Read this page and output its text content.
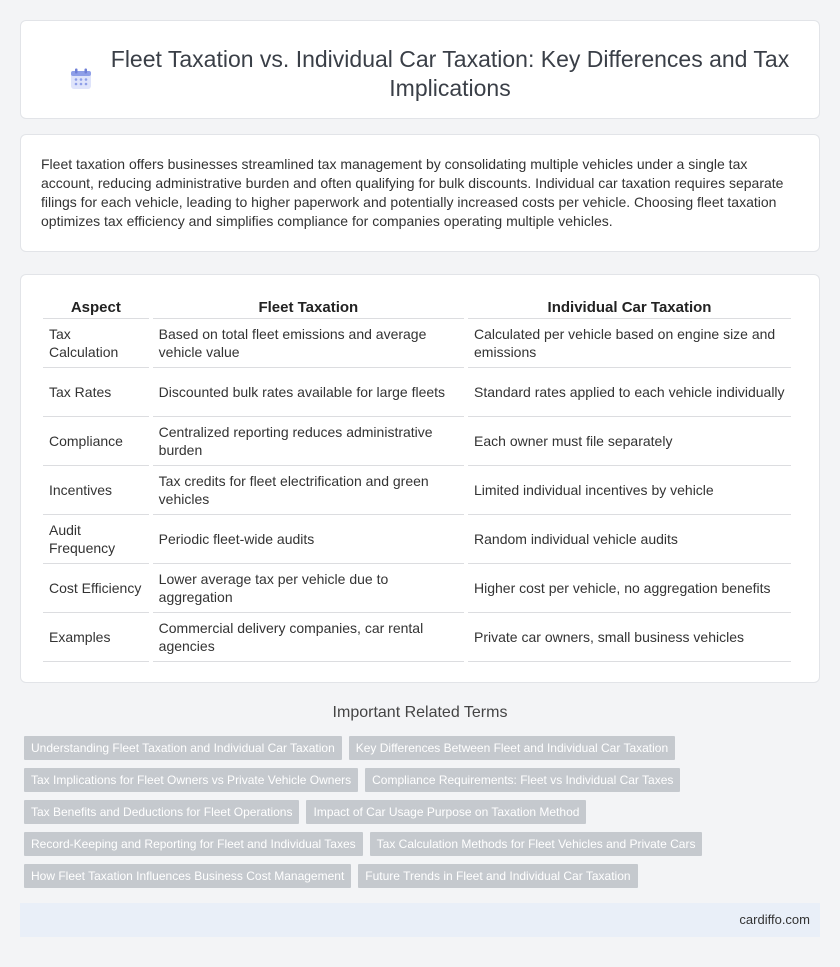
Fleet Taxation vs. Individual Car Taxation: Key Differences and Tax Implications

Fleet taxation offers businesses streamlined tax management by consolidating multiple vehicles under a single tax account, reducing administrative burden and often qualifying for bulk discounts. Individual car taxation requires separate filings for each vehicle, leading to higher paperwork and potentially increased costs per vehicle. Choosing fleet taxation optimizes tax efficiency and simplifies compliance for companies operating multiple vehicles.

Aspect	Fleet Taxation	Individual Car Taxation
Tax Calculation	Based on total fleet emissions and average vehicle value	Calculated per vehicle based on engine size and emissions
Tax Rates	Discounted bulk rates available for large fleets	Standard rates applied to each vehicle individually
Compliance	Centralized reporting reduces administrative burden	Each owner must file separately
Incentives	Tax credits for fleet electrification and green vehicles	Limited individual incentives by vehicle
Audit Frequency	Periodic fleet-wide audits	Random individual vehicle audits
Cost Efficiency	Lower average tax per vehicle due to aggregation	Higher cost per vehicle, no aggregation benefits
Examples	Commercial delivery companies, car rental agencies	Private car owners, small business vehicles
Important Related Terms
Understanding Fleet Taxation and Individual Car Taxation	Key Differences Between Fleet and Individual Car Taxation
Tax Implications for Fleet Owners vs Private Vehicle Owners	Compliance Requirements: Fleet vs Individual Car Taxes
Tax Benefits and Deductions for Fleet Operations	Impact of Car Usage Purpose on Taxation Method
Record-Keeping and Reporting for Fleet and Individual Taxes	Tax Calculation Methods for Fleet Vehicles and Private Cars
How Fleet Taxation Influences Business Cost Management	Future Trends in Fleet and Individual Car Taxation
cardiffo.com
